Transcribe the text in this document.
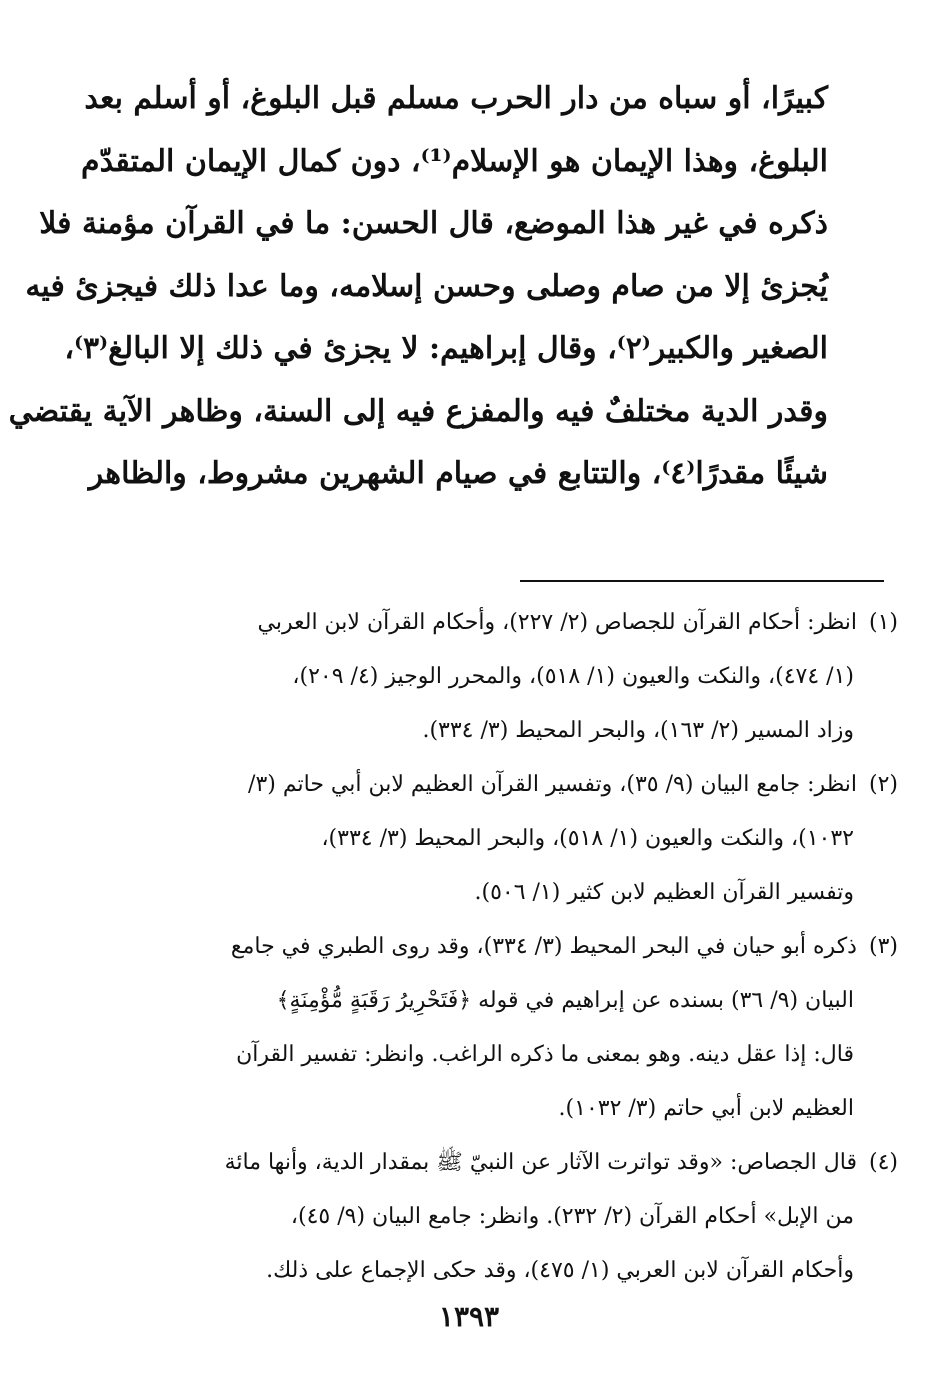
كبيرًا، أو سباه من دار الحرب مسلم قبل البلوغ، أو أسلم بعد
البلوغ، وهذا الإيمان هو الإسلام⁽¹⁾، دون كمال الإيمان المتقدّم
ذكره في غير هذا الموضع، قال الحسن: ما في القرآن مؤمنة فلا
يُجزئ إلا من صام وصلى وحسن إسلامه، وما عدا ذلك فيجزئ فيه
الصغير والكبير⁽٢⁾، وقال إبراهيم: لا يجزئ في ذلك إلا البالغ⁽٣⁾،
وقدر الدية مختلفٌ فيه والمفزع فيه إلى السنة، وظاهر الآية يقتضي
شيئًا مقدرًا⁽٤⁾، والتتابع في صيام الشهرين مشروط، والظاهر
(١)انظر: أحكام القرآن للجصاص (٢/ ٢٢٧)، وأحكام القرآن لابن العربي
(١/ ٤٧٤)، والنكت والعيون (١/ ٥١٨)، والمحرر الوجيز (٤/ ٢٠٩)،
وزاد المسير (٢/ ١٦٣)، والبحر المحيط (٣/ ٣٣٤).
(٢)انظر: جامع البيان (٩/ ٣٥)، وتفسير القرآن العظيم لابن أبي حاتم (٣/
١٠٣٢)، والنكت والعيون (١/ ٥١٨)، والبحر المحيط (٣/ ٣٣٤)،
وتفسير القرآن العظيم لابن كثير (١/ ٥٠٦).
(٣)ذكره أبو حيان في البحر المحيط (٣/ ٣٣٤)، وقد روى الطبري في جامع
البيان (٩/ ٣٦) بسنده عن إبراهيم في قوله ﴿فَتَحْرِيرُ رَقَبَةٍ مُّؤْمِنَةٍ﴾
قال: إذا عقل دينه. وهو بمعنى ما ذكره الراغب. وانظر: تفسير القرآن
العظيم لابن أبي حاتم (٣/ ١٠٣٢).
(٤)قال الجصاص: «وقد تواترت الآثار عن النبيّ ﷺ بمقدار الدية، وأنها مائة
من الإبل» أحكام القرآن (٢/ ٢٣٢). وانظر: جامع البيان (٩/ ٤٥)،
وأحكام القرآن لابن العربي (١/ ٤٧٥)، وقد حكى الإجماع على ذلك.
١٣٩٣
